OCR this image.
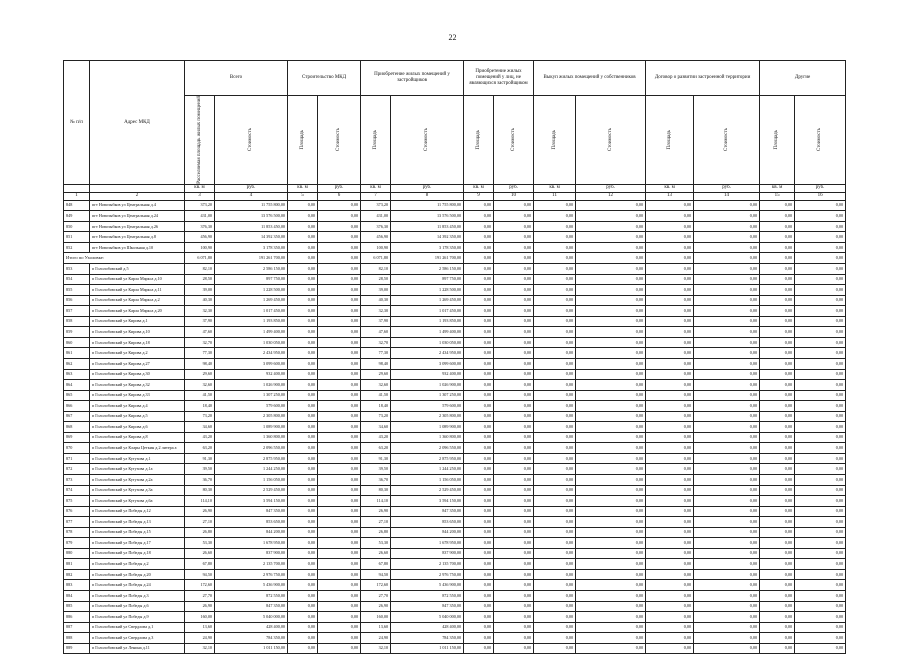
22
№ п/п	Адрес МКД	Всего		Строительство МКД		Приобретение жилых помещений у застройщиков		Приобретение жилых помещений у лиц, не являющихся застройщиком		Выкуп жилых помещений у собственников		Договор о развитии застроенной территории		Другие	

		Расселяемая площадь жилых помещений	Стоимость	Площадь	Стоимость	Площадь	Стоимость	Площадь	Стоимость	Площадь	Стоимость	Площадь	Стоимость	Площадь	Стоимость

		кв. м	руб.	кв. м	руб.	кв. м	руб.	кв. м	руб.	кв. м	руб.	кв. м	руб.	кв. м	руб.
1	2	3	4	5	6	7	8	9	10	11	12	13	14	15	16
848	пгт Новозыбков ул Центральная д.4	373,20	11 755 800,00	0,00	0,00	373,20	11 755 800,00	0,00	0,00	0,00	0,00	0,00	0,00	0,00	0,00
849	пгт Новозыбков ул Центральная д.24	431,00	13 576 500,00	0,00	0,00	431,00	13 576 500,00	0,00	0,00	0,00	0,00	0,00	0,00	0,00	0,00
850	пгт Новозыбков ул Центральная д.26	376,30	11 853 450,00	0,00	0,00	376,30	11 853 450,00	0,00	0,00	0,00	0,00	0,00	0,00	0,00	0,00
851	пгт Новозыбков ул Центральная д.8	456,90	14 392 350,00	0,00	0,00	456,90	14 392 350,00	0,00	0,00	0,00	0,00	0,00	0,00	0,00	0,00
852	пгт Новозыбков ул Школьная д.10	100,90	3 178 350,00	0,00	0,00	100,90	3 178 350,00	0,00	0,00	0,00	0,00	0,00	0,00	0,00	0,00
Итого по Ухоловке:		6 071,80	191 261 700,00	0,00	0,00	6 071,80	191 261 700,00	0,00	0,00	0,00	0,00	0,00	0,00	0,00	0,00
853	п Гололобовский д.5	82,10	2 586 150,00	0,00	0,00	82,10	2 586 150,00	0,00	0,00	0,00	0,00	0,00	0,00	0,00	0,00
854	п Гололобовский ул Карла Маркса д.10	28,50	897 750,00	0,00	0,00	28,50	897 750,00	0,00	0,00	0,00	0,00	0,00	0,00	0,00	0,00
855	п Гололобовский ул Карла Маркса д.11	39,00	1 228 500,00	0,00	0,00	39,00	1 228 500,00	0,00	0,00	0,00	0,00	0,00	0,00	0,00	0,00
856	п Гололобовский ул Карла Маркса д.2	40,30	1 269 450,00	0,00	0,00	40,30	1 269 450,00	0,00	0,00	0,00	0,00	0,00	0,00	0,00	0,00
857	п Гололобовский ул Карла Маркса д.20	32,30	1 017 450,00	0,00	0,00	32,30	1 017 450,00	0,00	0,00	0,00	0,00	0,00	0,00	0,00	0,00
858	п Гололобовский ул Кирова д.1	37,90	1 193 850,00	0,00	0,00	37,90	1 193 850,00	0,00	0,00	0,00	0,00	0,00	0,00	0,00	0,00
859	п Гололобовский ул Кирова д.10	47,60	1 499 400,00	0,00	0,00	47,60	1 499 400,00	0,00	0,00	0,00	0,00	0,00	0,00	0,00	0,00
860	п Гололобовский ул Кирова д.18	32,70	1 030 050,00	0,00	0,00	32,70	1 030 050,00	0,00	0,00	0,00	0,00	0,00	0,00	0,00	0,00
861	п Гололобовский ул Кирова д.2	77,30	2 434 950,00	0,00	0,00	77,30	2 434 950,00	0,00	0,00	0,00	0,00	0,00	0,00	0,00	0,00
862	п Гололобовский ул Кирова д.27	98,40	3 099 600,00	0,00	0,00	98,40	3 099 600,00	0,00	0,00	0,00	0,00	0,00	0,00	0,00	0,00
863	п Гололобовский ул Кирова д.30	29,60	932 400,00	0,00	0,00	29,60	932 400,00	0,00	0,00	0,00	0,00	0,00	0,00	0,00	0,00
864	п Гололобовский ул Кирова д.32	32,60	1 026 900,00	0,00	0,00	32,60	1 026 900,00	0,00	0,00	0,00	0,00	0,00	0,00	0,00	0,00
865	п Гололобовский ул Кирова д.33	41,50	1 307 250,00	0,00	0,00	41,50	1 307 250,00	0,00	0,00	0,00	0,00	0,00	0,00	0,00	0,00
866	п Гололобовский ул Кирова д.4	18,40	579 600,00	0,00	0,00	18,40	579 600,00	0,00	0,00	0,00	0,00	0,00	0,00	0,00	0,00
867	п Гололобовский ул Кирова д.5	73,20	2 305 800,00	0,00	0,00	73,20	2 305 800,00	0,00	0,00	0,00	0,00	0,00	0,00	0,00	0,00
868	п Гололобовский ул Кирова д.6	34,60	1 089 900,00	0,00	0,00	34,60	1 089 900,00	0,00	0,00	0,00	0,00	0,00	0,00	0,00	0,00
869	п Гололобовский ул Кирова д.8	43,20	1 360 800,00	0,00	0,00	43,20	1 360 800,00	0,00	0,00	0,00	0,00	0,00	0,00	0,00	0,00
870	п Гололобовский ул Клары Цеткин д.2 литера а	63,20	2 096 550,00	0,00	0,00	63,20	2 096 550,00	0,00	0,00	0,00	0,00	0,00	0,00	0,00	0,00
871	п Гололобовский ул Кутузова д.1	91,30	2 875 950,00	0,00	0,00	91,30	2 875 950,00	0,00	0,00	0,00	0,00	0,00	0,00	0,00	0,00
872	п Гололобовский ул Кутузова д.1а	39,50	1 244 250,00	0,00	0,00	39,50	1 244 250,00	0,00	0,00	0,00	0,00	0,00	0,00	0,00	0,00
873	п Гололобовский ул Кутузова д.2а	36,70	1 156 050,00	0,00	0,00	36,70	1 156 050,00	0,00	0,00	0,00	0,00	0,00	0,00	0,00	0,00
874	п Гололобовский ул Кутузова д.3а	80,30	2 529 450,00	0,00	0,00	80,30	2 529 450,00	0,00	0,00	0,00	0,00	0,00	0,00	0,00	0,00
875	п Гололобовский ул Кутузова д.6а	114,10	3 594 150,00	0,00	0,00	114,10	3 594 150,00	0,00	0,00	0,00	0,00	0,00	0,00	0,00	0,00
876	п Гололобовский ул Победы д.12	26,90	847 350,00	0,00	0,00	26,90	847 350,00	0,00	0,00	0,00	0,00	0,00	0,00	0,00	0,00
877	п Гололобовский ул Победы д.13	27,10	853 650,00	0,00	0,00	27,10	853 650,00	0,00	0,00	0,00	0,00	0,00	0,00	0,00	0,00
878	п Гололобовский ул Победы д.15	26,80	844 200,00	0,00	0,00	26,80	844 200,00	0,00	0,00	0,00	0,00	0,00	0,00	0,00	0,00
879	п Гололобовский ул Победы д.17	53,30	1 678 950,00	0,00	0,00	53,30	1 678 950,00	0,00	0,00	0,00	0,00	0,00	0,00	0,00	0,00
880	п Гололобовский ул Победы д.18	26,60	837 900,00	0,00	0,00	26,60	837 900,00	0,00	0,00	0,00	0,00	0,00	0,00	0,00	0,00
881	п Гололобовский ул Победы д.2	67,80	2 135 700,00	0,00	0,00	67,80	2 135 700,00	0,00	0,00	0,00	0,00	0,00	0,00	0,00	0,00
882	п Гололобовский ул Победы д.20	94,50	2 976 750,00	0,00	0,00	94,50	2 976 750,00	0,00	0,00	0,00	0,00	0,00	0,00	0,00	0,00
883	п Гололобовский ул Победы д.24	172,60	5 436 900,00	0,00	0,00	172,60	5 436 900,00	0,00	0,00	0,00	0,00	0,00	0,00	0,00	0,00
884	п Гололобовский ул Победы д.3	27,70	872 550,00	0,00	0,00	27,70	872 550,00	0,00	0,00	0,00	0,00	0,00	0,00	0,00	0,00
885	п Гололобовский ул Победы д.6	26,90	847 350,00	0,00	0,00	26,90	847 350,00	0,00	0,00	0,00	0,00	0,00	0,00	0,00	0,00
886	п Гололобовский ул Победы д.9	160,00	5 040 000,00	0,00	0,00	160,00	5 040 000,00	0,00	0,00	0,00	0,00	0,00	0,00	0,00	0,00
887	п Гололобовский ул Свердлова д.1	13,60	428 400,00	0,00	0,00	13,60	428 400,00	0,00	0,00	0,00	0,00	0,00	0,00	0,00	0,00
888	п Гололобовский ул Свердлова д.3	24,90	784 350,00	0,00	0,00	24,90	784 350,00	0,00	0,00	0,00	0,00	0,00	0,00	0,00	0,00
889	п Гололобовский ул Ленина д.11	32,10	1 011 150,00	0,00	0,00	32,10	1 011 150,00	0,00	0,00	0,00	0,00	0,00	0,00	0,00	0,00
